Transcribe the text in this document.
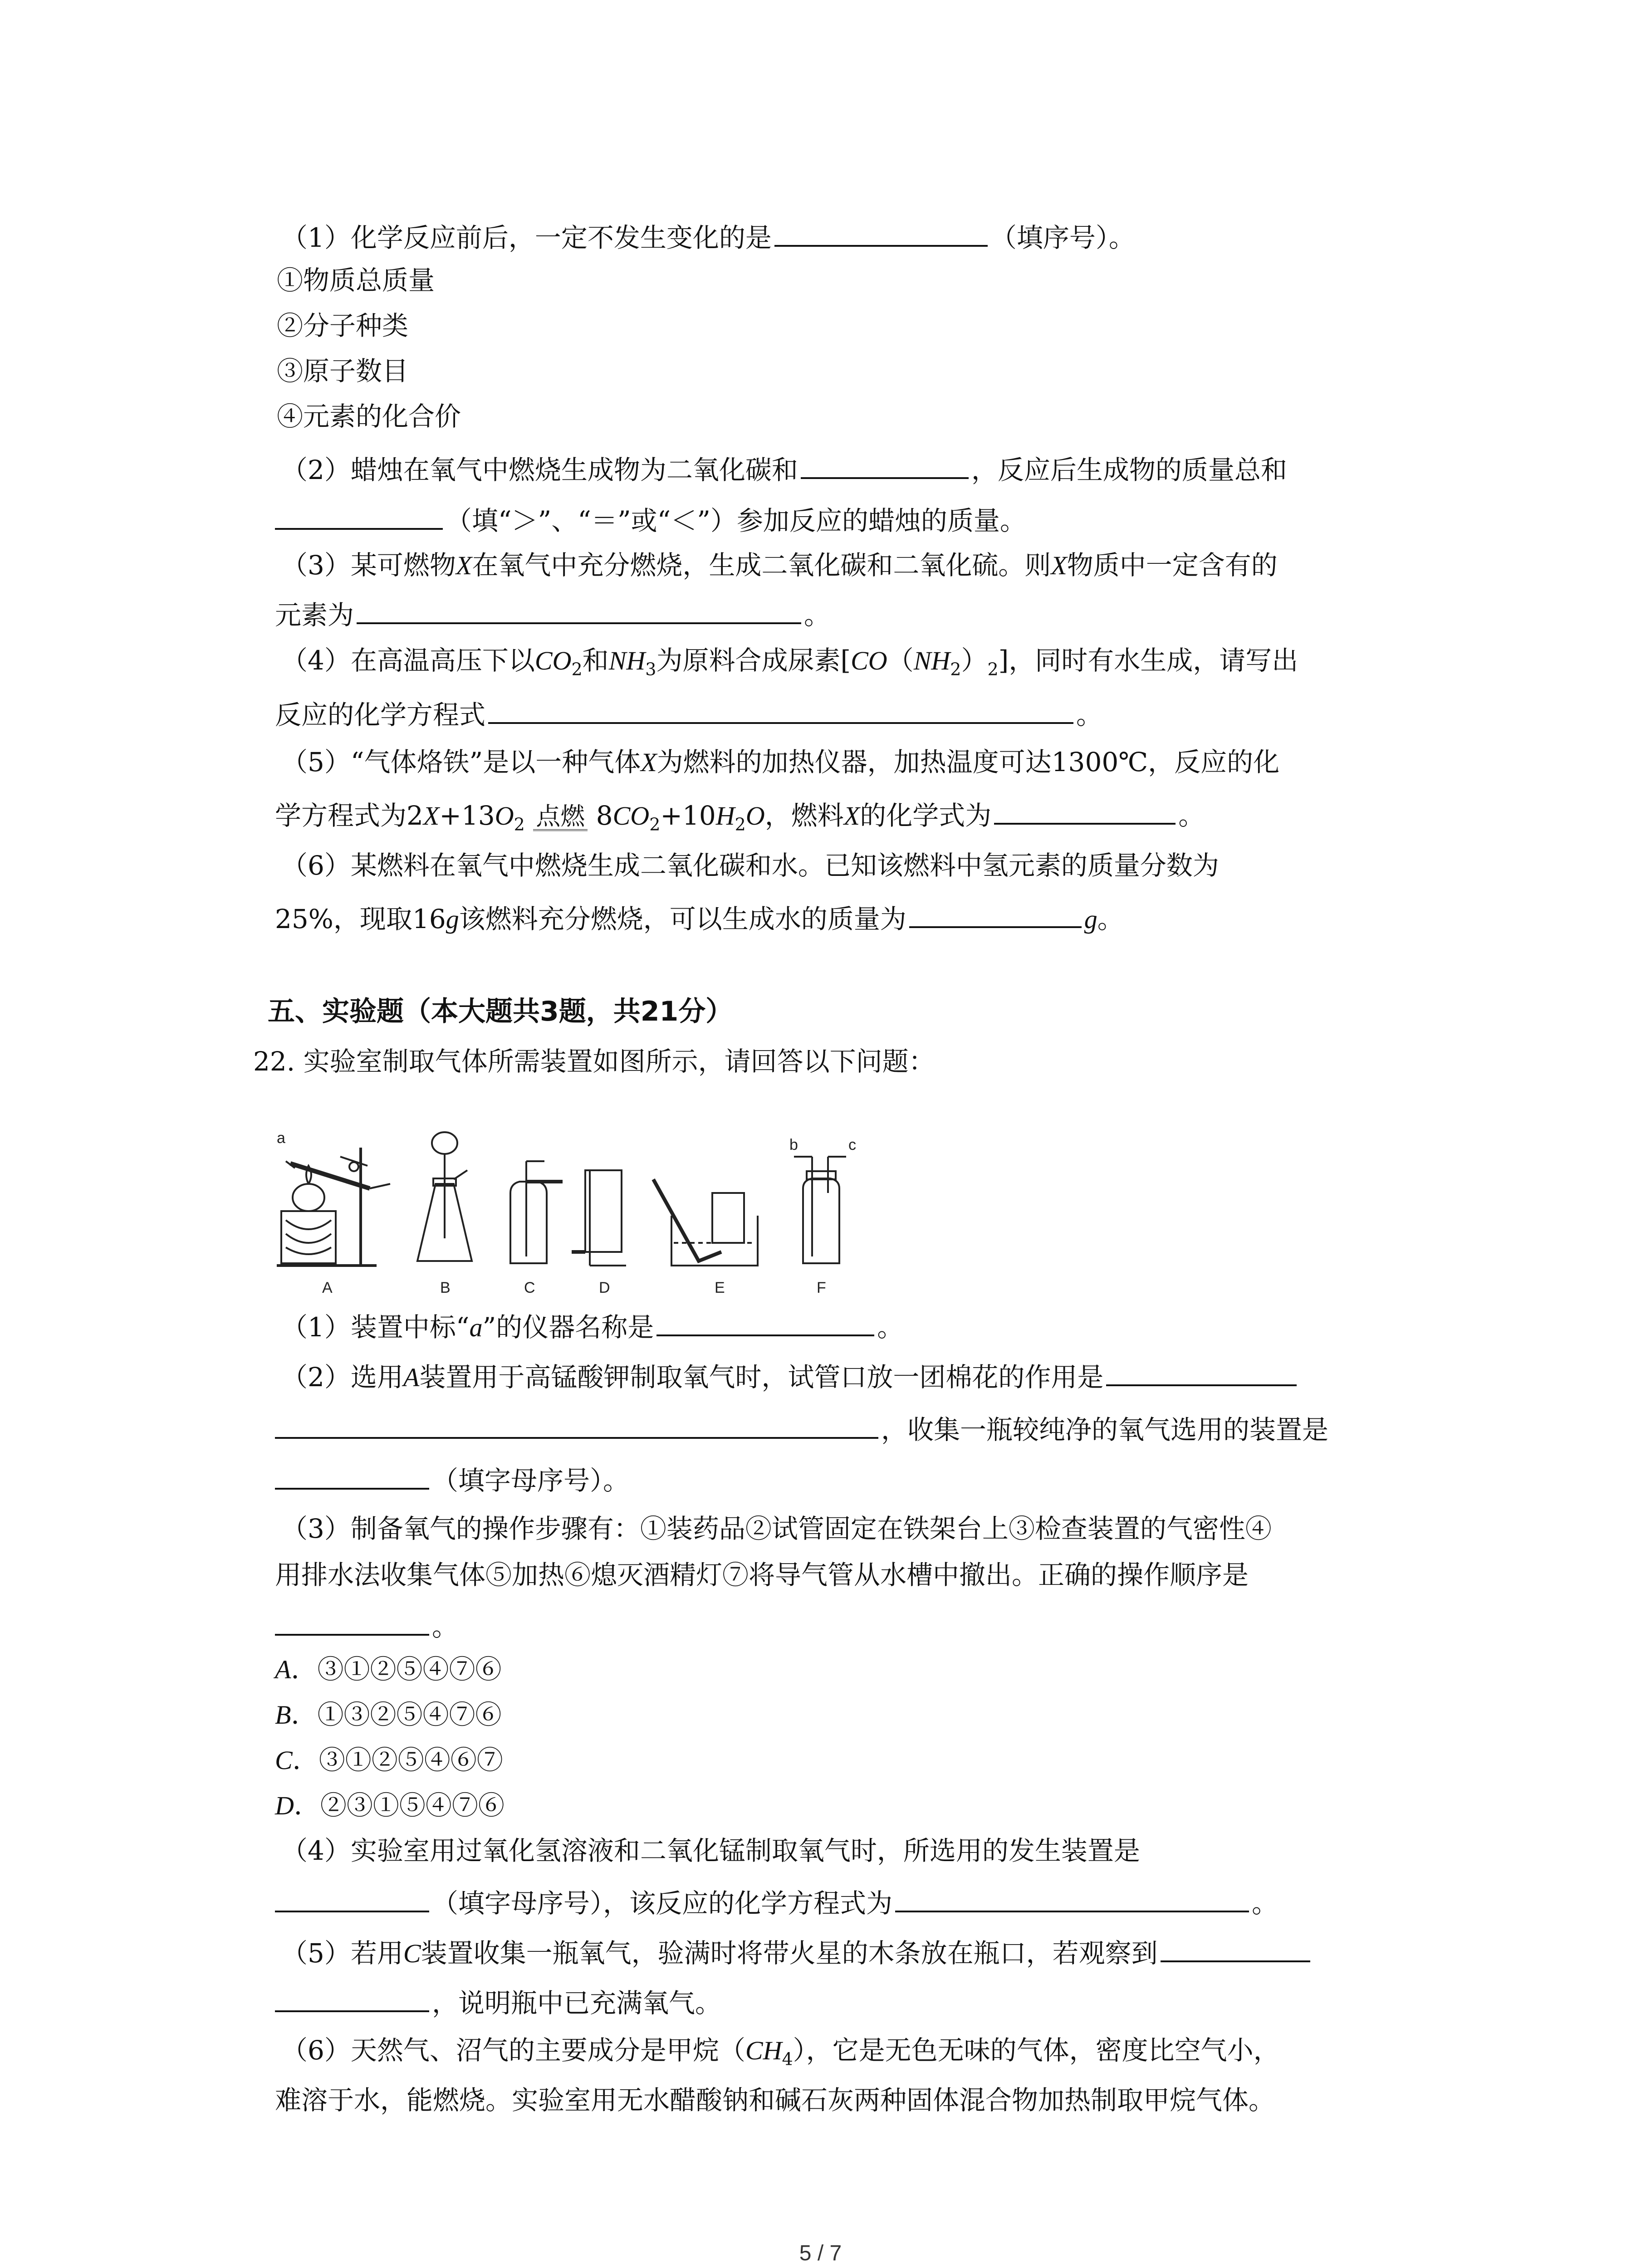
（1）化学反应前后，一定不发生变化的是	（填序号）。
①物质总质量
②分子种类
③原子数目
④元素的化合价
（2）蜡烛在氧气中燃烧生成物为二氧化碳和	，反应后生成物的质量总和
（填“＞”、“＝”或“＜”）参加反应的蜡烛的质量。
（3）某可燃物X在氧气中充分燃烧，生成二氧化碳和二氧化硫。则X物质中一定含有的
元素为	。
（4）在高温高压下以$CO_2$和$NH_3$为原料合成尿素$[CO(NH_2)_2]$，同时有水生成，请写出
反应的化学方程式	。
（5）“气体烙铁”是以一种气体X为燃料的加热仪器，加热温度可达1300℃，反应的化
学方程式为$2X+13O_2$ 点燃 $8CO_2+10H_2O$，燃料X的化学式为	。
（6）某燃料在氧气中燃烧生成二氧化碳和水。已知该燃料中氢元素的质量分数为
25%，现取16g该燃料充分燃烧，可以生成水的质量为	g。
五、实验题（本大题共3题，共21分）
22. 实验室制取气体所需装置如图所示，请回答以下问题：
a
A	B	C	D	E	F
b	c
（1）装置中标“a”的仪器名称是	。
（2）选用A装置用于高锰酸钾制取氧气时，试管口放一团棉花的作用是
，收集一瓶较纯净的氧气选用的装置是
（填字母序号）。
（3）制备氧气的操作步骤有：①装药品②试管固定在铁架台上③检查装置的气密性④
用排水法收集气体⑤加热⑥熄灭酒精灯⑦将导气管从水槽中撤出。正确的操作顺序是
。
A．③①②⑤④⑦⑥
B．①③②⑤④⑦⑥
C．③①②⑤④⑥⑦
D．②③①⑤④⑦⑥
（4）实验室用过氧化氢溶液和二氧化锰制取氧气时，所选用的发生装置是
（填字母序号），该反应的化学方程式为	。
（5）若用C装置收集一瓶氧气，验满时将带火星的木条放在瓶口，若观察到
，说明瓶中已充满氧气。
（6）天然气、沼气的主要成分是甲烷$(CH_4)$，它是无色无味的气体，密度比空气小，
难溶于水，能燃烧。实验室用无水醋酸钠和碱石灰两种固体混合物加热制取甲烷气体。
5 / 7
